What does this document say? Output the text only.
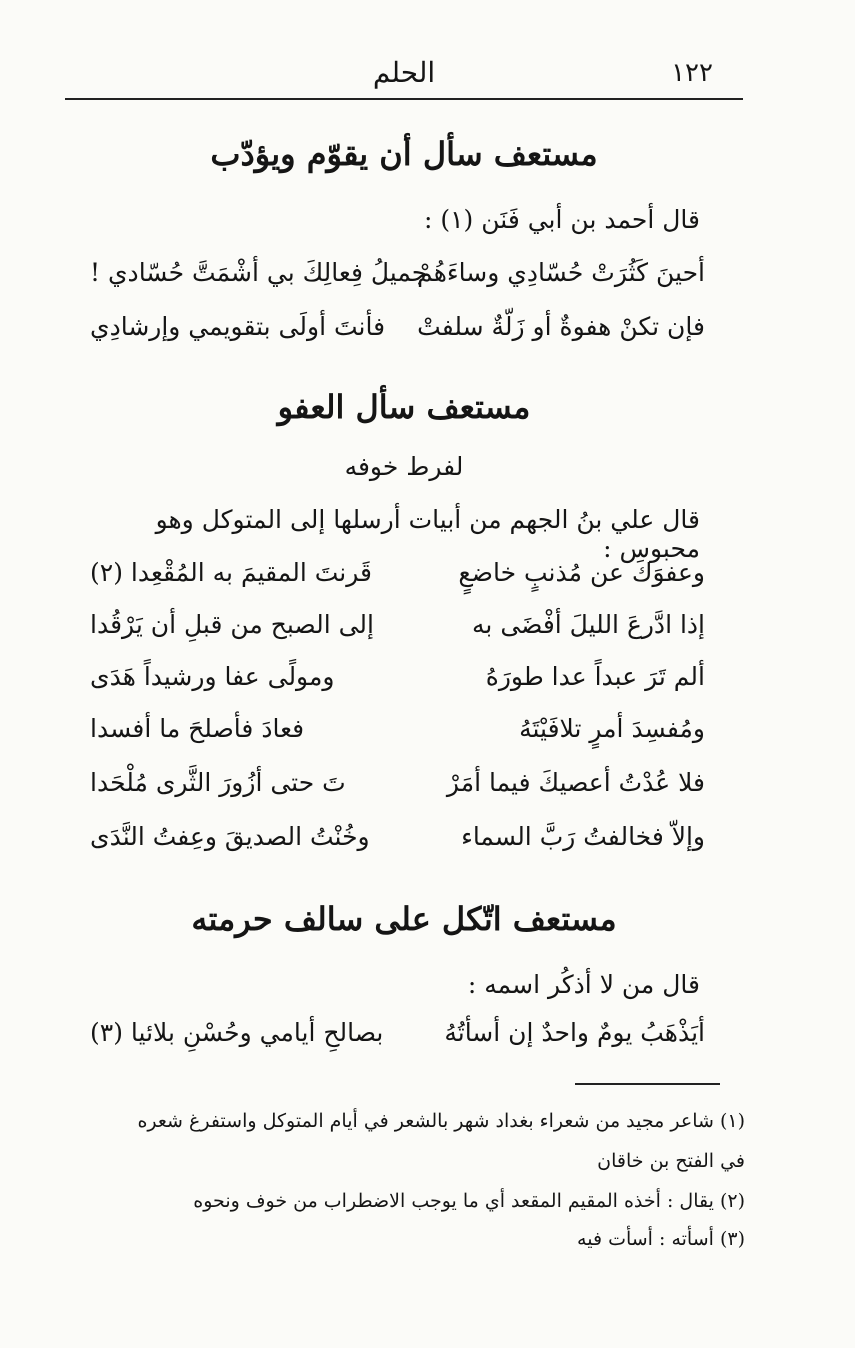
١٢٢
الحلم
مستعف سأل أن يقوّم ويؤدّب
قال أحمد بن أبي فَنَن (١) :
أحينَ كَثُرَتْ حُسّادِي وساءَهُمْ
جميلُ فِعالِكَ بي أشْمَتَّ حُسّادي !
فإن تكنْ هفوةٌ أو زَلّةٌ سلفتْ
فأنتَ أولَى بتقويمي وإرشادِي
مستعف سأل العفو
لفرط خوفه
قال علي بنُ الجهم من أبيات أرسلها إلى المتوكل وهو محبوس :
وعفوَكَ عن مُذنبٍ خاضعٍ
قَرنتَ المقيمَ به المُقْعِدا (٢)
إذا ادَّرعَ الليلَ أفْضَى به
إلى الصبح من قبلِ أن يَرْقُدا
ألم تَرَ عبداً عدا طورَهُ
ومولًى عفا ورشيداً هَدَى
ومُفسِدَ أمرٍ تلافَيْتَهُ
فعادَ فأصلحَ ما أفسدا
فلا عُدْتُ أعصيكَ فيما أمَرْ
تَ حتى أزُورَ الثَّرى مُلْحَدا
وإلاّ فخالفتُ رَبَّ السماء
وخُنْتُ الصديقَ وعِفتُ النَّدَى
مستعف اتّكل على سالف حرمته
قال من لا أذكُر اسمه :
أيَذْهَبُ يومٌ واحدٌ إن أسأتُهُ
بصالحِ أيامي وحُسْنِ بلائيا (٣)
(١) شاعر مجيد من شعراء بغداد شهر بالشعر في أيام المتوكل واستفرغ شعره
في الفتح بن خاقان
(٢) يقال : أخذه المقيم المقعد أي ما يوجب الاضطراب من خوف ونحوه
(٣) أسأته : أسأت فيه
